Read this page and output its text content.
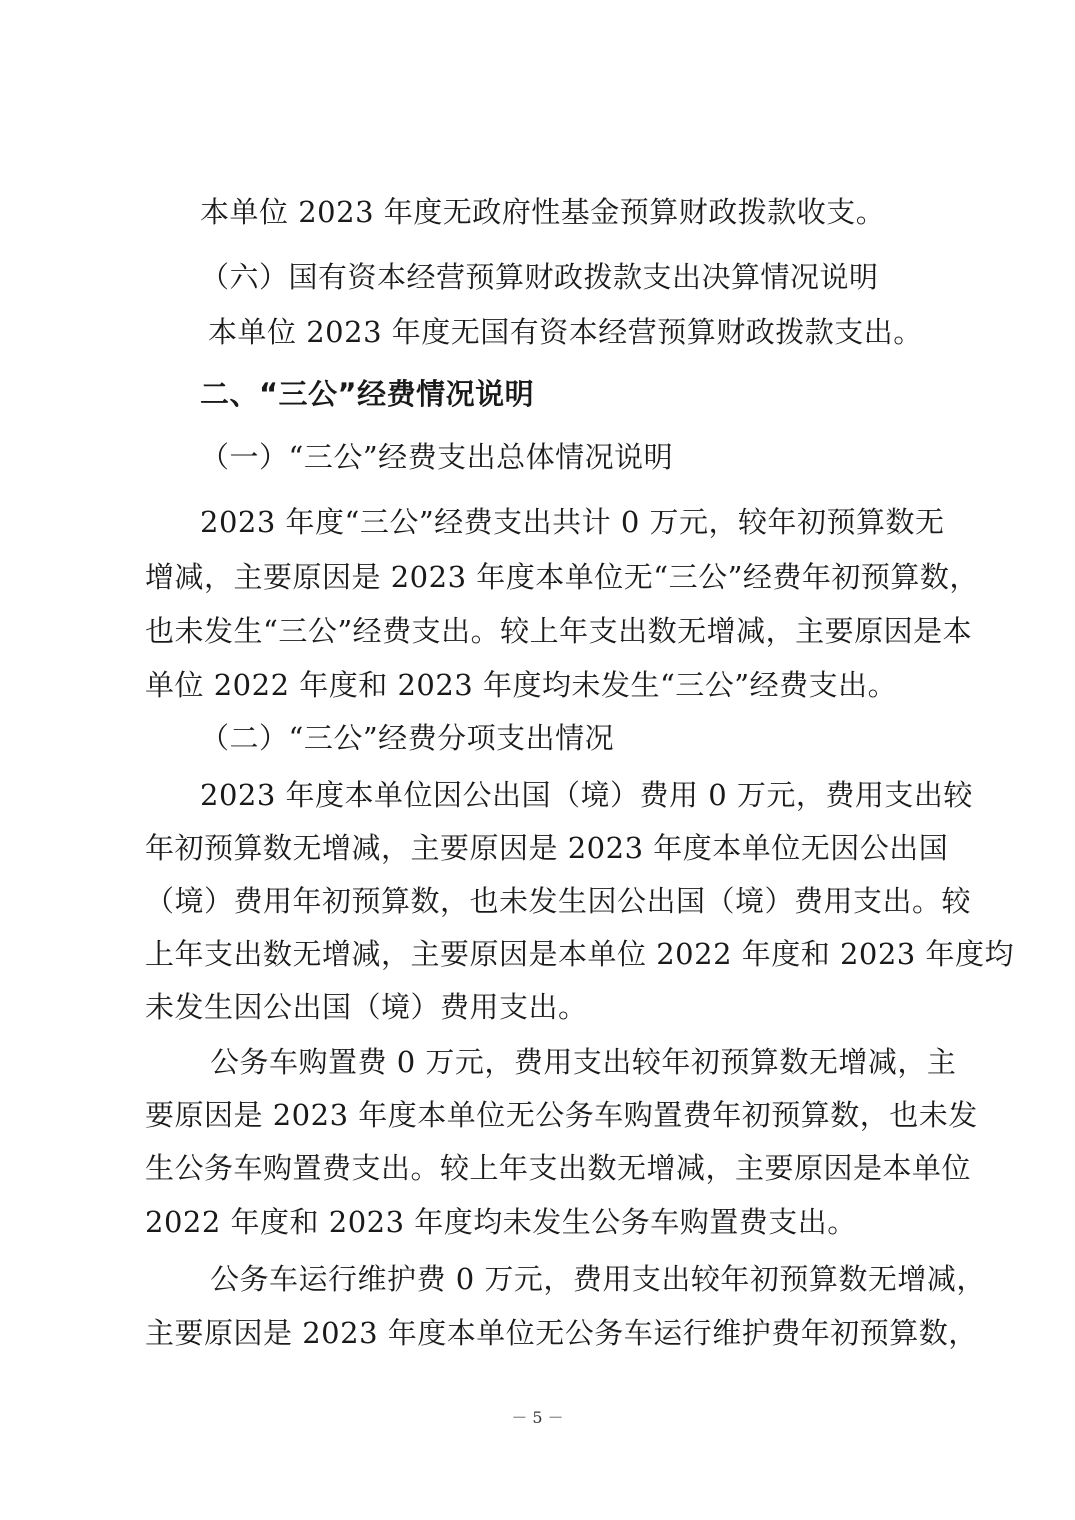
本单位 2023 年度无政府性基金预算财政拨款收支。
（六）国有资本经营预算财政拨款支出决算情况说明
本单位 2023 年度无国有资本经营预算财政拨款支出。
二、“三公”经费情况说明
（一）“三公”经费支出总体情况说明
2023 年度“三公”经费支出共计 0 万元，较年初预算数无
增减，主要原因是 2023 年度本单位无“三公”经费年初预算数，
也未发生“三公”经费支出。较上年支出数无增减，主要原因是本
单位 2022 年度和 2023 年度均未发生“三公”经费支出。
（二）“三公”经费分项支出情况
2023 年度本单位因公出国（境）费用 0 万元，费用支出较
年初预算数无增减，主要原因是 2023 年度本单位无因公出国
（境）费用年初预算数，也未发生因公出国（境）费用支出。较
上年支出数无增减，主要原因是本单位 2022 年度和 2023 年度均
未发生因公出国（境）费用支出。
公务车购置费 0 万元，费用支出较年初预算数无增减，主
要原因是 2023 年度本单位无公务车购置费年初预算数，也未发
生公务车购置费支出。较上年支出数无增减，主要原因是本单位
2022 年度和 2023 年度均未发生公务车购置费支出。
公务车运行维护费 0 万元，费用支出较年初预算数无增减，
主要原因是 2023 年度本单位无公务车运行维护费年初预算数，
－ 5 －
